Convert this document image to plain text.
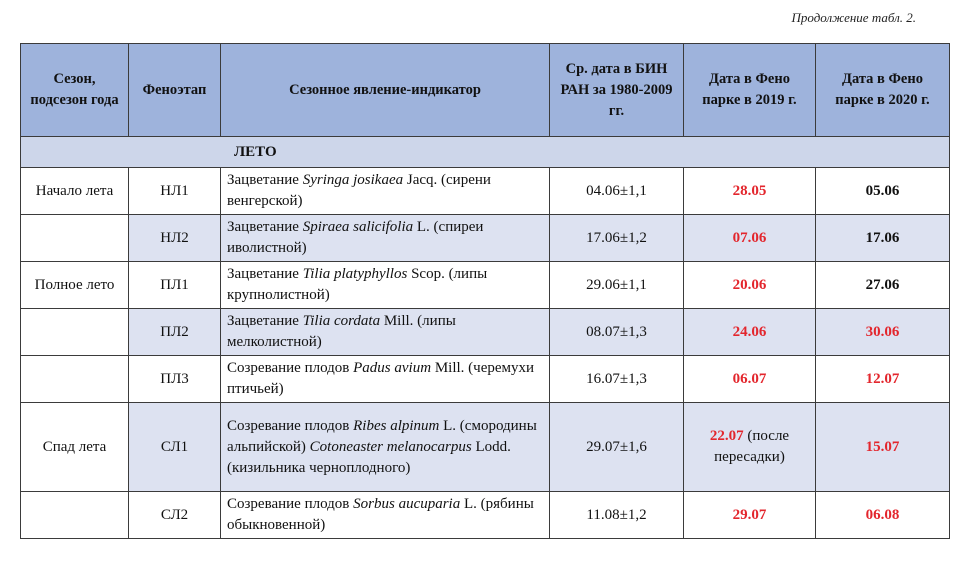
Продолжение табл. 2.
Сезон, подсезон года	Феноэтап	Сезонное явление-индикатор	Ср. дата в БИН РАН за 1980-2009 гг.	Дата в Фено парке в 2019 г.	Дата в Фено парке в 2020 г.
ЛЕТО					
Начало лета	НЛ1	Зацветание Syringa josikaea Jacq. (сирени венгерской)	04.06±1,1	28.05	05.06
	НЛ2	Зацветание Spiraea salicifolia L. (спиреи иволистной)	17.06±1,2	07.06	17.06
Полное лето	ПЛ1	Зацветание Tilia platyphyllos Scop. (липы крупнолистной)	29.06±1,1	20.06	27.06
	ПЛ2	Зацветание Tilia cordata Mill. (липы мелколистной)	08.07±1,3	24.06	30.06
	ПЛ3	Созревание плодов Padus avium Mill. (черемухи птичьей)	16.07±1,3	06.07	12.07
Спад лета	СЛ1	Созревание плодов Ribes alpinum L. (смородины альпийской) Cotoneaster melanocarpus Lodd. (кизильника черноплодного)	29.07±1,6	22.07 (после пересадки)	15.07
	СЛ2	Созревание плодов Sorbus aucuparia L. (рябины обыкновенной)	11.08±1,2	29.07	06.08
